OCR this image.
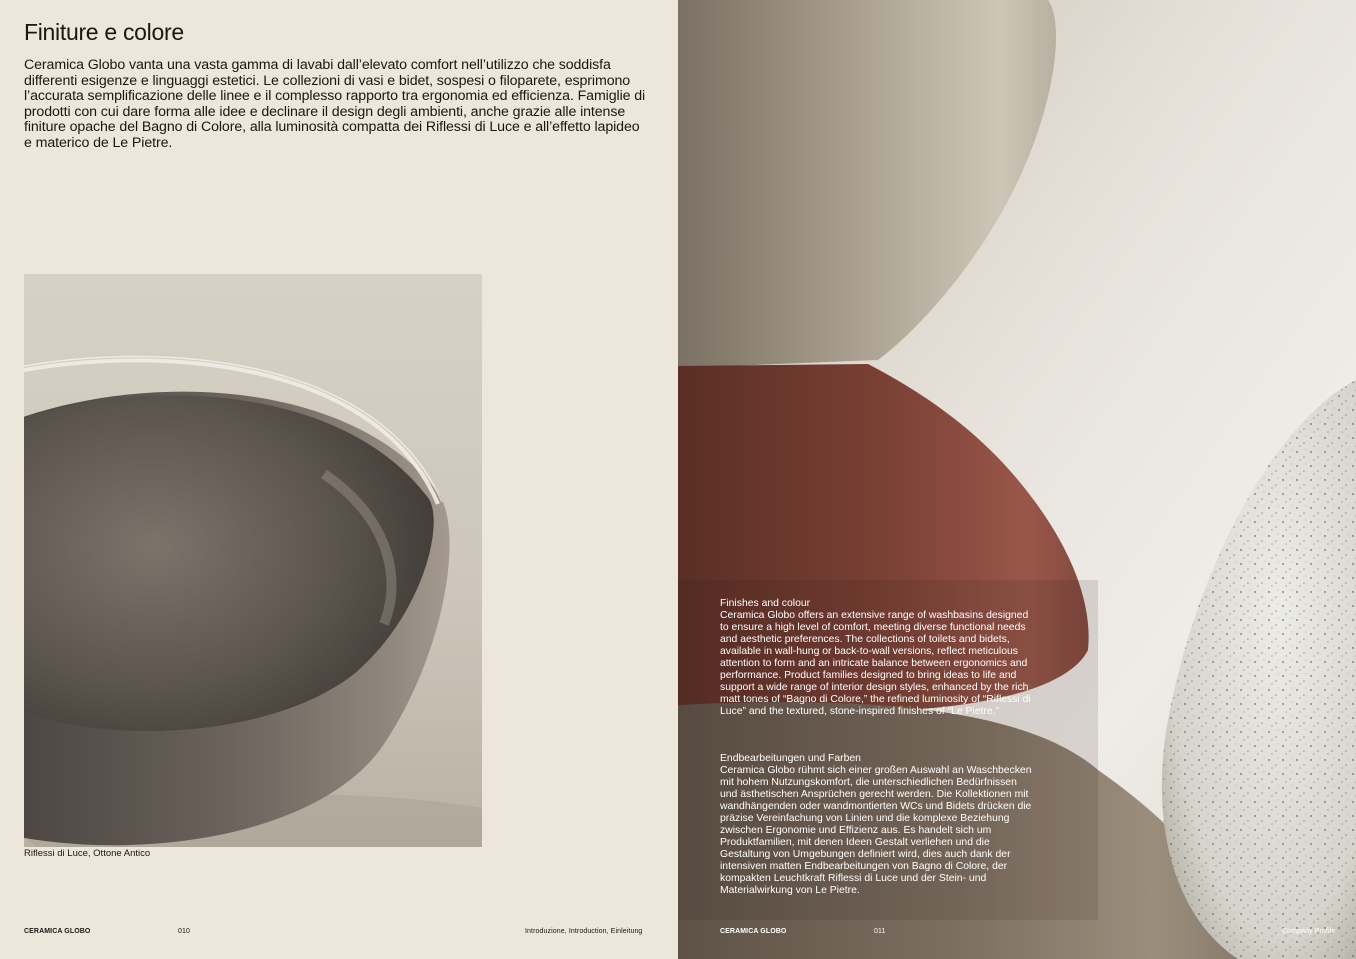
Finiture e colore

Ceramica Globo vanta una vasta gamma di lavabi dall’elevato comfort nell’utilizzo che soddisfa differenti esigenze e linguaggi estetici. Le collezioni di vasi e bidet, sospesi o filoparete, esprimono l’accurata semplificazione delle linee e il complesso rapporto tra ergonomia ed efficienza. Famiglie di prodotti con cui dare forma alle idee e declinare il design degli ambienti, anche grazie alle intense finiture opache del Bagno di Colore, alla luminosità compatta dei Riflessi di Luce e all’effetto lapideo e materico de Le Pietre.

Riflessi di Luce, Ottone Antico
CERAMICA GLOBO	010	Introduzione, Introduction, Einleitung
Finishes and colour
Ceramica Globo offers an extensive range of washbasins designed to ensure a high level of comfort, meeting diverse functional needs and aesthetic preferences. The collections of toilets and bidets, available in wall-hung or back-to-wall versions, reflect meticulous attention to form and an intricate balance between ergonomics and performance. Product families designed to bring ideas to life and support a wide range of interior design styles, enhanced by the rich matt tones of “Bagno di Colore,” the refined luminosity of “Riflessi di Luce” and the textured, stone-inspired finishes of “Le Pietre.”
Endbearbeitungen und Farben
Ceramica Globo rühmt sich einer großen Auswahl an Waschbecken mit hohem Nutzungskomfort, die unterschiedlichen Bedürfnissen und ästhetischen Ansprüchen gerecht werden. Die Kollektionen mit wandhängenden oder wandmontierten WCs und Bidets drücken die präzise Vereinfachung von Linien und die komplexe Beziehung zwischen Ergonomie und Effizienz aus. Es handelt sich um Produktfamilien, mit denen Ideen Gestalt verliehen und die Gestaltung von Umgebungen definiert wird, dies auch dank der intensiven matten Endbearbeitungen von Bagno di Colore, der kompakten Leuchtkraft Riflessi di Luce und der Stein- und Materialwirkung von Le Pietre.
CERAMICA GLOBO	011	Company Profile
